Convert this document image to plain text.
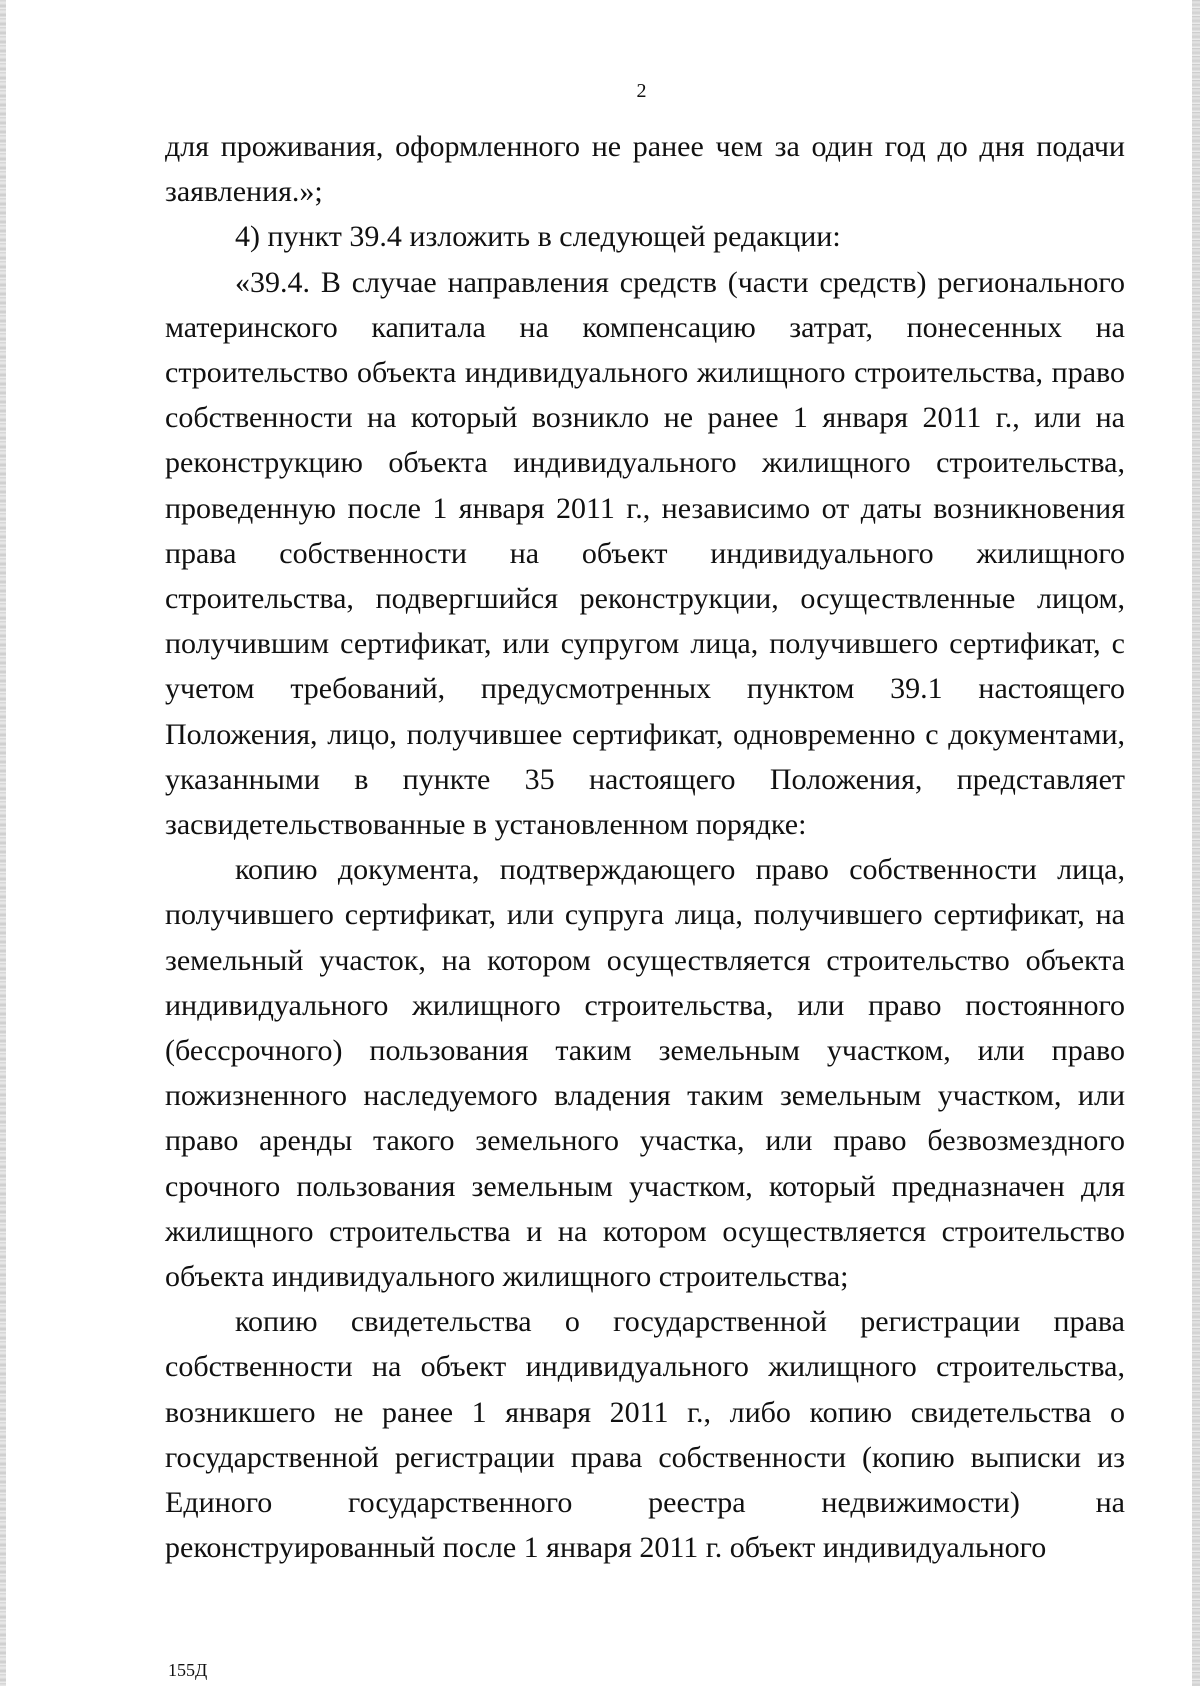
2

для проживания, оформленного не ранее чем за один год до дня подачи заявления.»;

4) пункт 39.4 изложить в следующей редакции:

«39.4. В случае направления средств (части средств) регионального материнского капитала на компенсацию затрат, понесенных на строительство объекта индивидуального жилищного строительства, право собственности на который возникло не ранее 1 января 2011 г., или на реконструкцию объекта индивидуального жилищного строительства, проведенную после 1 января 2011 г., независимо от даты возникновения права собственности на объект индивидуального жилищного строительства, подвергшийся реконструкции, осуществленные лицом, получившим сертификат, или супругом лица, получившего сертификат, с учетом требований, предусмотренных пунктом 39.1 настоящего Положения, лицо, получившее сертификат, одновременно с документами, указанными в пункте 35 настоящего Положения, представляет засвидетельствованные в установленном порядке:

копию документа, подтверждающего право собственности лица, получившего сертификат, или супруга лица, получившего сертификат, на земельный участок, на котором осуществляется строительство объекта индивидуального жилищного строительства, или право постоянного (бессрочного) пользования таким земельным участком, или право пожизненного наследуемого владения таким земельным участком, или право аренды такого земельного участка, или право безвозмездного срочного пользования земельным участком, который предназначен для жилищного строительства и на котором осуществляется строительство объекта индивидуального жилищного строительства;

копию свидетельства о государственной регистрации права собственности на объект индивидуального жилищного строительства, возникшего не ранее 1 января 2011 г., либо копию свидетельства о государственной регистрации права собственности (копию выписки из Единого государственного реестра недвижимости) на реконструированный после 1 января 2011 г. объект индивидуального

155Д
